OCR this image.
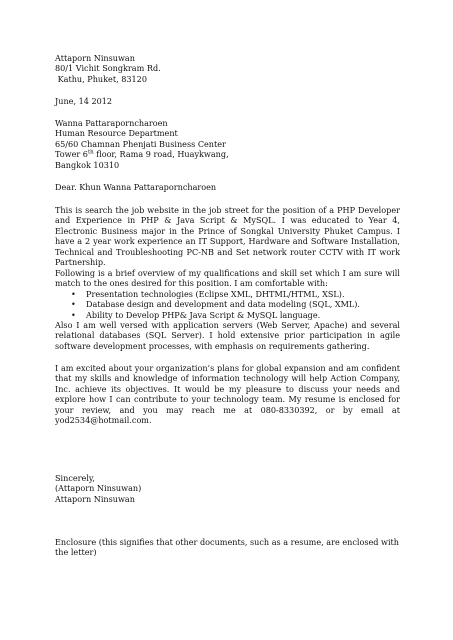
Attaporn Ninsuwan
80/1 Vichit Songkram Rd.
Kathu, Phuket, 83120
June, 14 2012
Wanna Pattaraporncharoen
Human Resource Department
65/60 Chamnan Phenjati Business Center
Tower 6th floor, Rama 9 road, Huaykwang,
Bangkok 10310
Dear. Khun Wanna Pattaraporncharoen

This is search the job website in the job street for the position of a PHP Developer and Experience in PHP & Java Script & MySQL. I was educated to Year 4, Electronic Business major in the Prince of Songkal University Phuket Campus. I have a 2 year work experience an IT Support, Hardware and Software Installation, Technical and Troubleshooting PC-NB and Set network router CCTV with IT work Partnership.

Following is a brief overview of my qualifications and skill set which I am sure will match to the ones desired for this position. I am comfortable with:

• Presentation technologies (Eclipse XML, DHTML/HTML, XSL).
• Database design and development and data modeling (SQL, XML).
• Ability to Develop PHP& Java Script & MySQL language.

Also I am well versed with application servers (Web Server, Apache) and several relational databases (SQL Server). I hold extensive prior participation in agile software development processes, with emphasis on requirements gathering.

I am excited about your organization’s plans for global expansion and am confident that my skills and knowledge of information technology will help Action Company, Inc. achieve its objectives. It would be my pleasure to discuss your needs and explore how I can contribute to your technology team. My resume is enclosed for your review, and you may reach me at 080-8330392, or by email at yod2534@hotmail.com.

Sincerely,
(Attaporn Ninsuwan)
Attaporn Ninsuwan

Enclosure (this signifies that other documents, such as a resume, are enclosed with the letter)
